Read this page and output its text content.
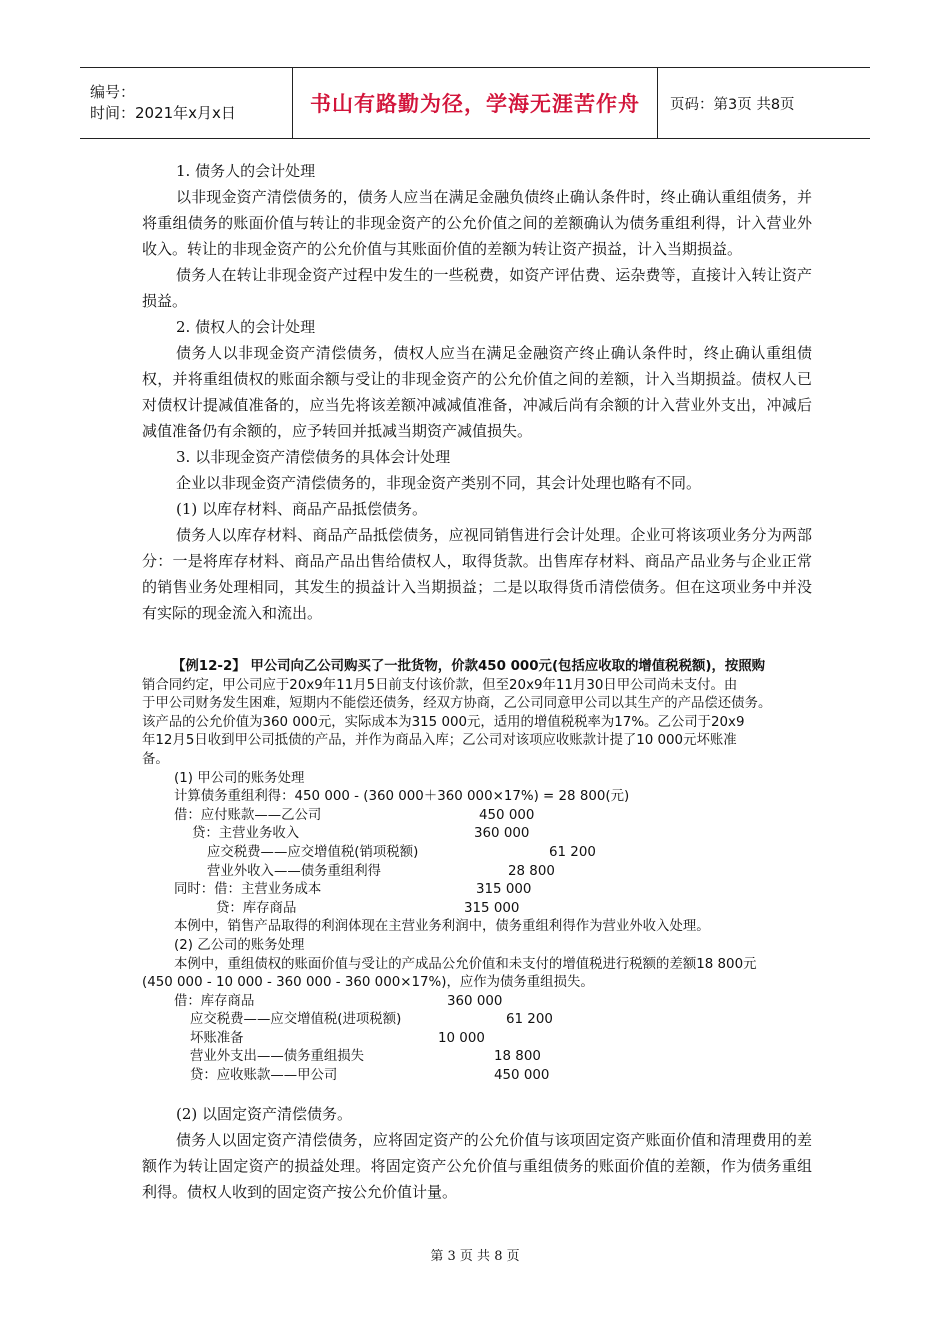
编号：
时间：2021年x月x日	书山有路勤为径，学海无涯苦作舟 页码：第3页 共8页
1. 债务人的会计处理

以非现金资产清偿债务的，债务人应当在满足金融负债终止确认条件时，终止确认重组债务，并将重组债务的账面价值与转让的非现金资产的公允价值之间的差额确认为债务重组利得，计入营业外收入。转让的非现金资产的公允价值与其账面价值的差额为转让资产损益，计入当期损益。

债务人在转让非现金资产过程中发生的一些税费，如资产评估费、运杂费等，直接计入转让资产损益。

2. 债权人的会计处理

债务人以非现金资产清偿债务，债权人应当在满足金融资产终止确认条件时，终止确认重组债权，并将重组债权的账面余额与受让的非现金资产的公允价值之间的差额，计入当期损益。债权人已对债权计提减值准备的，应当先将该差额冲减减值准备，冲减后尚有余额的计入营业外支出，冲减后减值准备仍有余额的，应予转回并抵减当期资产减值损失。

3. 以非现金资产清偿债务的具体会计处理

企业以非现金资产清偿债务的，非现金资产类别不同，其会计处理也略有不同。

(1) 以库存材料、商品产品抵偿债务。

债务人以库存材料、商品产品抵偿债务，应视同销售进行会计处理。企业可将该项业务分为两部分：一是将库存材料、商品产品出售给债权人，取得货款。出售库存材料、商品产品业务与企业正常的销售业务处理相同，其发生的损益计入当期损益；二是以取得货币清偿债务。但在这项业务中并没有实际的现金流入和流出。

【例12-2】 甲公司向乙公司购买了一批货物，价款450 000元(包括应收取的增值税税额)，按照购
销合同约定，甲公司应于20x9年11月5日前支付该价款，但至20x9年11月30日甲公司尚未支付。由
于甲公司财务发生困难，短期内不能偿还债务，经双方协商，乙公司同意甲公司以其生产的产品偿还债务。
该产品的公允价值为360 000元，实际成本为315 000元，适用的增值税税率为17%。乙公司于20x9
年12月5日收到甲公司抵债的产品，并作为商品入库；乙公司对该项应收账款计提了10 000元坏账准
备。
(1) 甲公司的账务处理
计算债务重组利得：450 000 - (360 000＋360 000×17%) = 28 800(元)
借：应付账款——乙公司	450 000
贷：主营业务收入	360 000
应交税费——应交增值税(销项税额)	61 200
营业外收入——债务重组利得	28 800
同时：借：主营业务成本	315 000
贷：库存商品	315 000
本例中，销售产品取得的利润体现在主营业务利润中，债务重组利得作为营业外收入处理。
(2) 乙公司的账务处理
本例中，重组债权的账面价值与受让的产成品公允价值和未支付的增值税进行税额的差额18 800元
(450 000 - 10 000 - 360 000 - 360 000×17%)，应作为债务重组损失。
借：库存商品	360 000
应交税费——应交增值税(进项税额)	61 200
坏账准备	10 000
营业外支出——债务重组损失	18 800
贷：应收账款——甲公司	450 000
(2) 以固定资产清偿债务。

债务人以固定资产清偿债务，应将固定资产的公允价值与该项固定资产账面价值和清理费用的差额作为转让固定资产的损益处理。将固定资产公允价值与重组债务的账面价值的差额，作为债务重组利得。债权人收到的固定资产按公允价值计量。

第 3 页 共 8 页
